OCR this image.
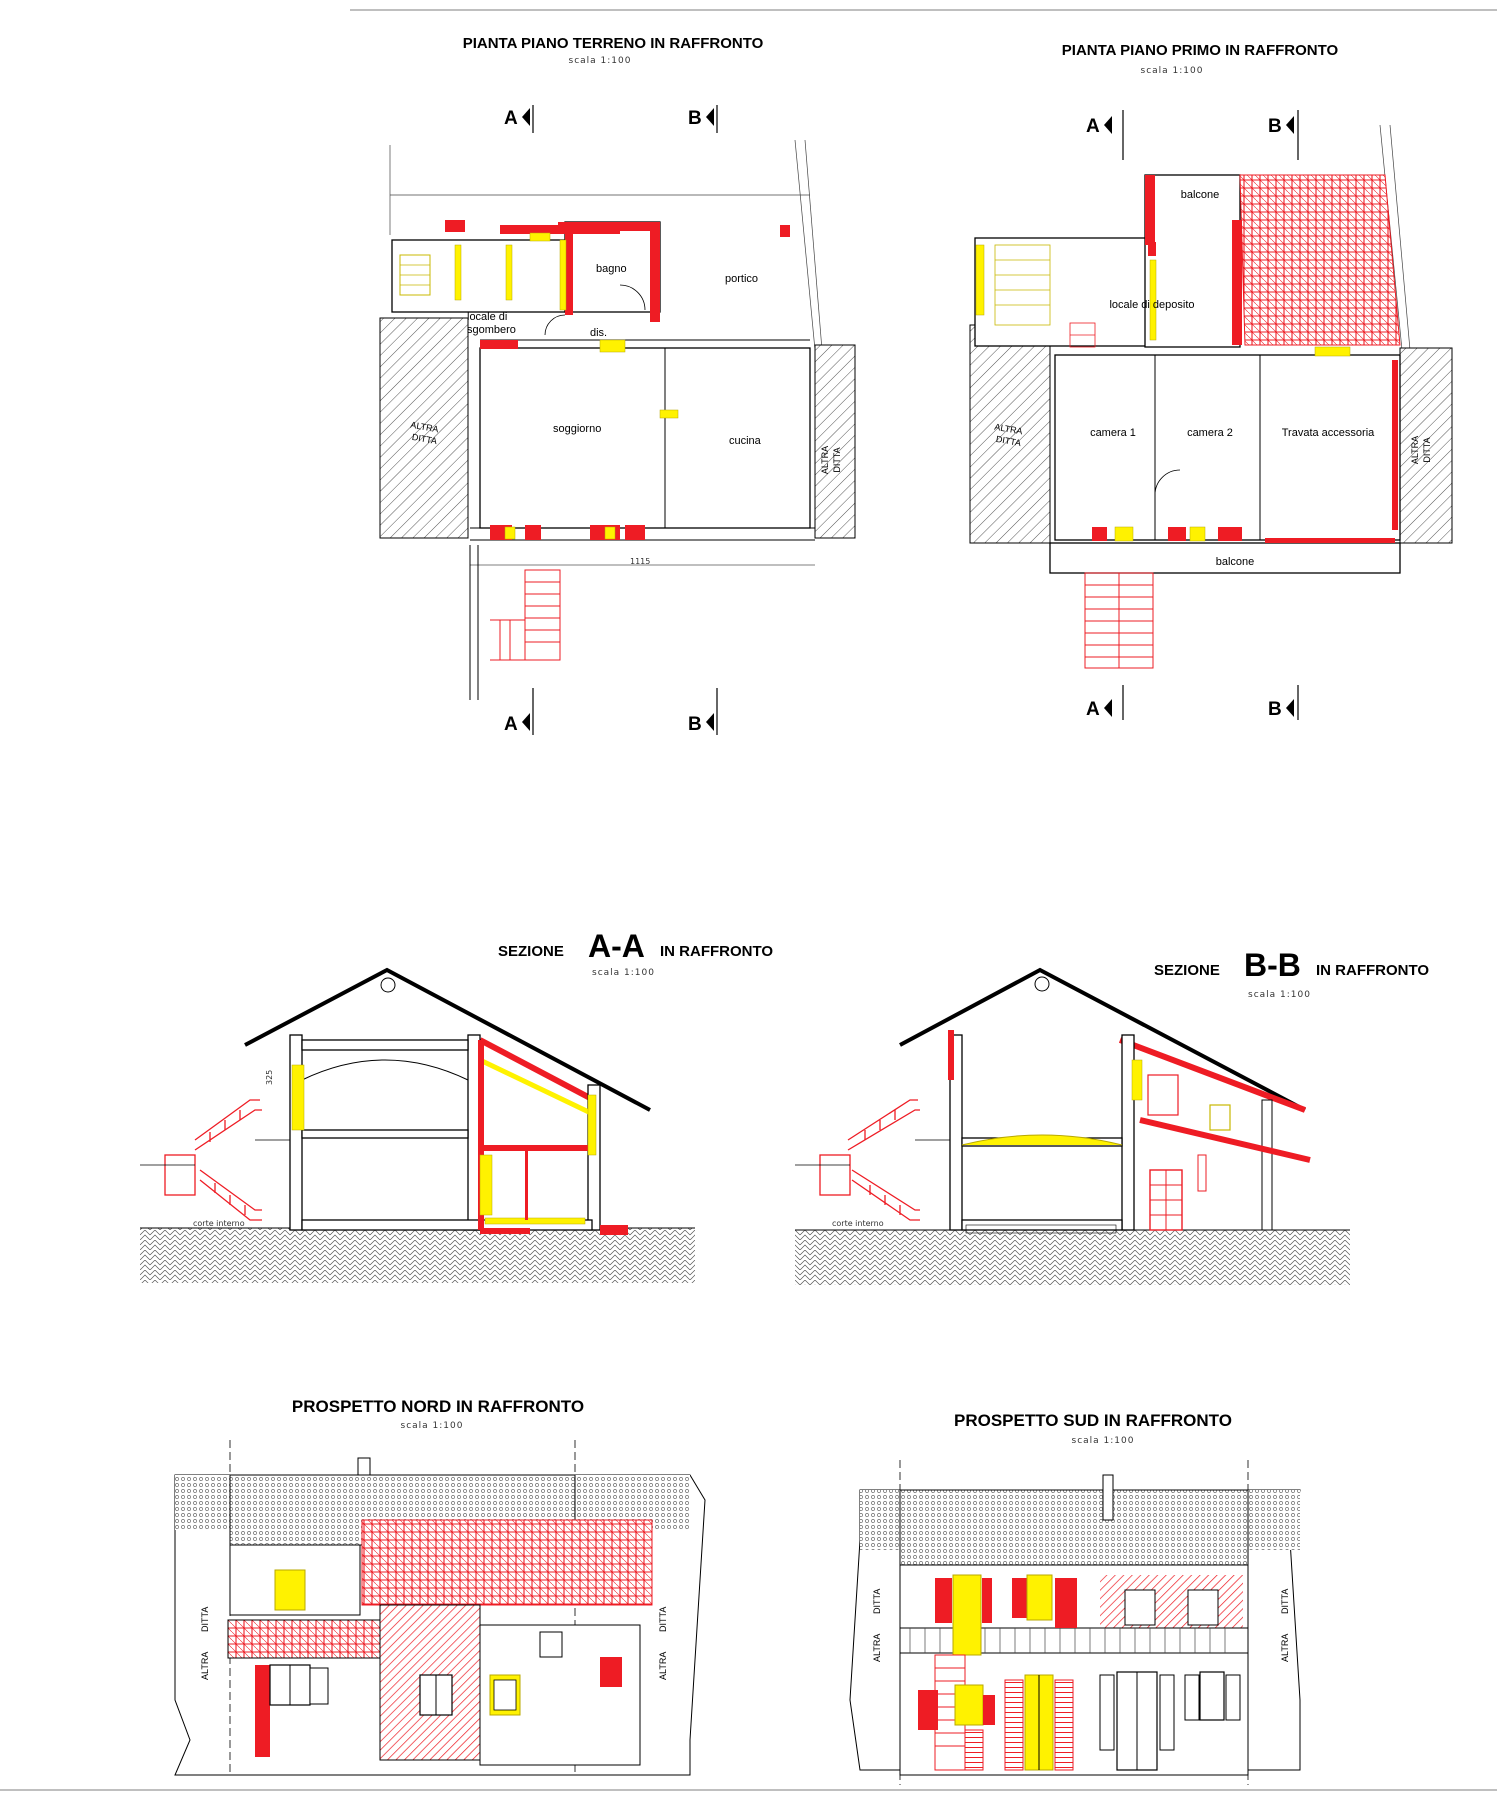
PIANTA PIANO TERRENO IN RAFFRONTO
scala 1:100
A	B
ALTRA
DITTA
ALTRA DITTA
bagno
portico
locale di
sgombero	dis.
soggiorno
cucina
1115
A	B
PIANTA PIANO PRIMO IN RAFFRONTO
scala 1:100
A	B
ALTRA
DITTA	ALTRA DITTA
balcone
locale di deposito
camera 1	camera 2	Travata accessoria
balcone
A	B
SEZIONE A-A IN RAFFRONTO
scala 1:100
325
corte interno
SEZIONE B-B IN RAFFRONTO
scala 1:100
corte interno
PROSPETTO NORD IN RAFFRONTO
scala 1:100
ALTRA
DITTA
ALTRA
DITTA
PROSPETTO SUD IN RAFFRONTO
scala 1:100
ALTRA
DITTA
ALTRA
DITTA
